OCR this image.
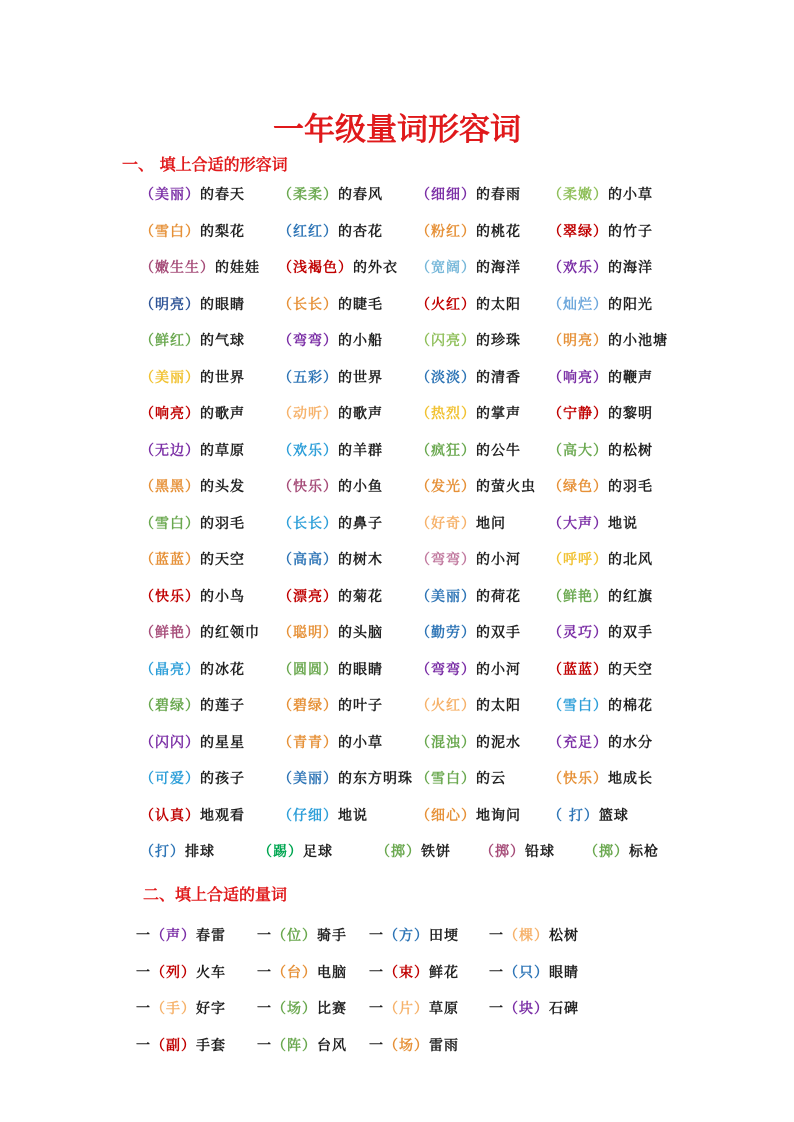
一年级量词形容词
一、 填上合适的形容词
二、填上合适的量词
（美丽）的春天 （柔柔）的春风 （细细）的春雨 （柔嫩）的小草
（雪白）的梨花 （红红）的杏花 （粉红）的桃花 （翠绿）的竹子
（嫩生生）的娃娃 （浅褐色）的外衣 （宽阔）的海洋 （欢乐）的海洋
（明亮）的眼睛 （长长）的睫毛 （火红）的太阳 （灿烂）的阳光
（鲜红）的气球 （弯弯）的小船 （闪亮）的珍珠 （明亮）的小池塘
（美丽）的世界 （五彩）的世界 （淡淡）的清香 （响亮）的鞭声
（响亮）的歌声 （动听）的歌声 （热烈）的掌声 （宁静）的黎明
（无边）的草原 （欢乐）的羊群 （疯狂）的公牛 （高大）的松树
（黑黑）的头发 （快乐）的小鱼 （发光）的萤火虫 （绿色）的羽毛
（雪白）的羽毛 （长长）的鼻子 （好奇）地问	（大声）地说
（蓝蓝）的天空 （高高）的树木 （弯弯）的小河 （呼呼）的北风
（快乐）的小鸟 （漂亮）的菊花 （美丽）的荷花 （鲜艳）的红旗
（鲜艳）的红领巾 （聪明）的头脑 （勤劳）的双手 （灵巧）的双手
（晶亮）的冰花 （圆圆）的眼睛 （弯弯）的小河 （蓝蓝）的天空
（碧绿）的莲子 （碧绿）的叶子 （火红）的太阳 （雪白）的棉花
（闪闪）的星星 （青青）的小草 （混浊）的泥水 （充足）的水分
（可爱）的孩子 （美丽）的东方明珠 （雪白）的云	（快乐）地成长
（认真）地观看 （仔细）地说	（细心）地询问 （ 打）篮球
（打）排球	（踢）足球	（掷）铁饼 （掷）铅球 （掷）标枪
一（声）春雷 一（位）骑手 一（方）田埂 一（棵）松树
一（列）火车 一（台）电脑 一（束）鲜花 一（只）眼睛
一（手）好字 一（场）比赛 一（片）草原 一（块）石碑
一（副）手套 一（阵）台风 一（场）雷雨
